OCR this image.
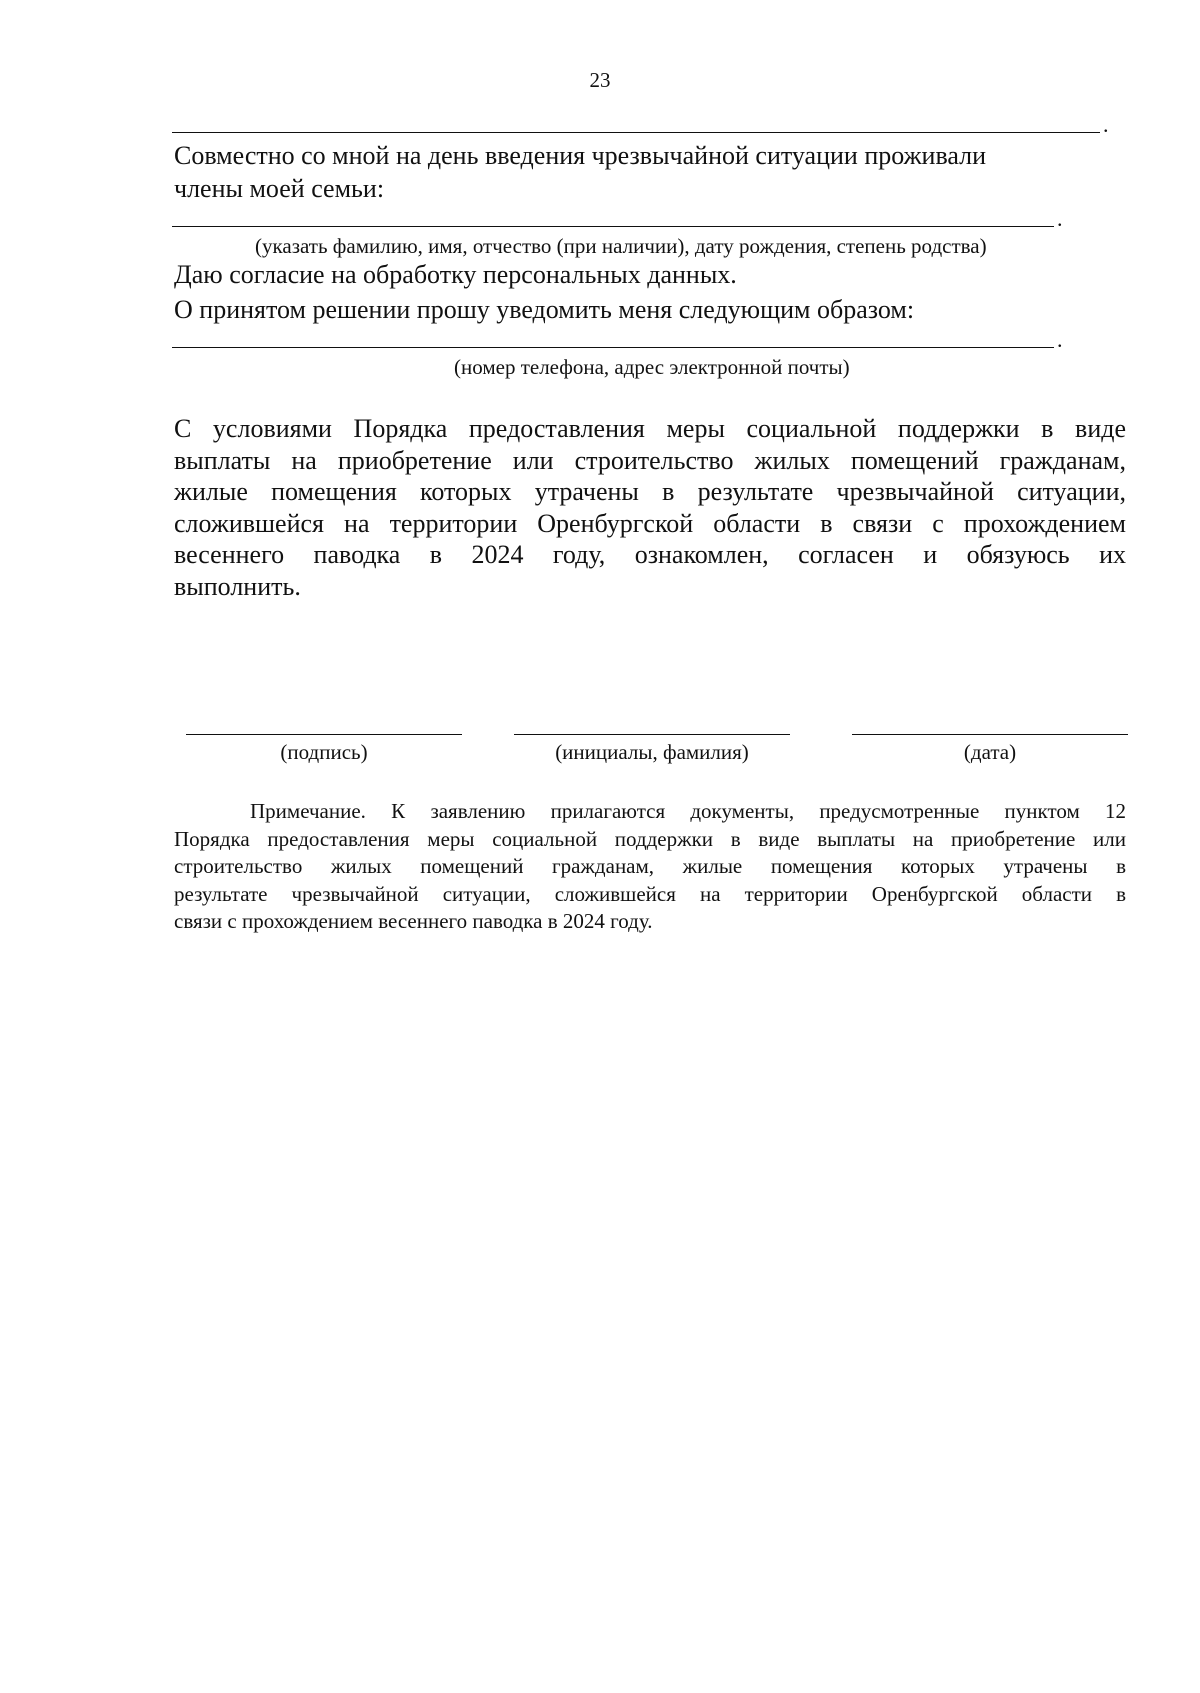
23
.
Совместно со мной на день введения чрезвычайной ситуации проживали
члены моей семьи:
.
(указать фамилию, имя, отчество (при наличии), дату рождения, степень родства)
Даю согласие на обработку персональных данных.
О принятом решении прошу уведомить меня следующим образом:
.
(номер телефона, адрес электронной почты)
С условиями Порядка предоставления меры социальной поддержки в виде
выплаты на приобретение или строительство жилых помещений гражданам,
жилые помещения которых утрачены в результате чрезвычайной ситуации,
сложившейся на территории Оренбургской области в связи с прохождением
весеннего паводка в 2024 году, ознакомлен, согласен и обязуюсь их
выполнить.
(подпись)	(инициалы, фамилия)	(дата)
Примечание. К заявлению прилагаются документы, предусмотренные пунктом 12
Порядка предоставления меры социальной поддержки в виде выплаты на приобретение или
строительство жилых помещений гражданам, жилые помещения которых утрачены в
результате чрезвычайной ситуации, сложившейся на территории Оренбургской области в
связи с прохождением весеннего паводка в 2024 году.
